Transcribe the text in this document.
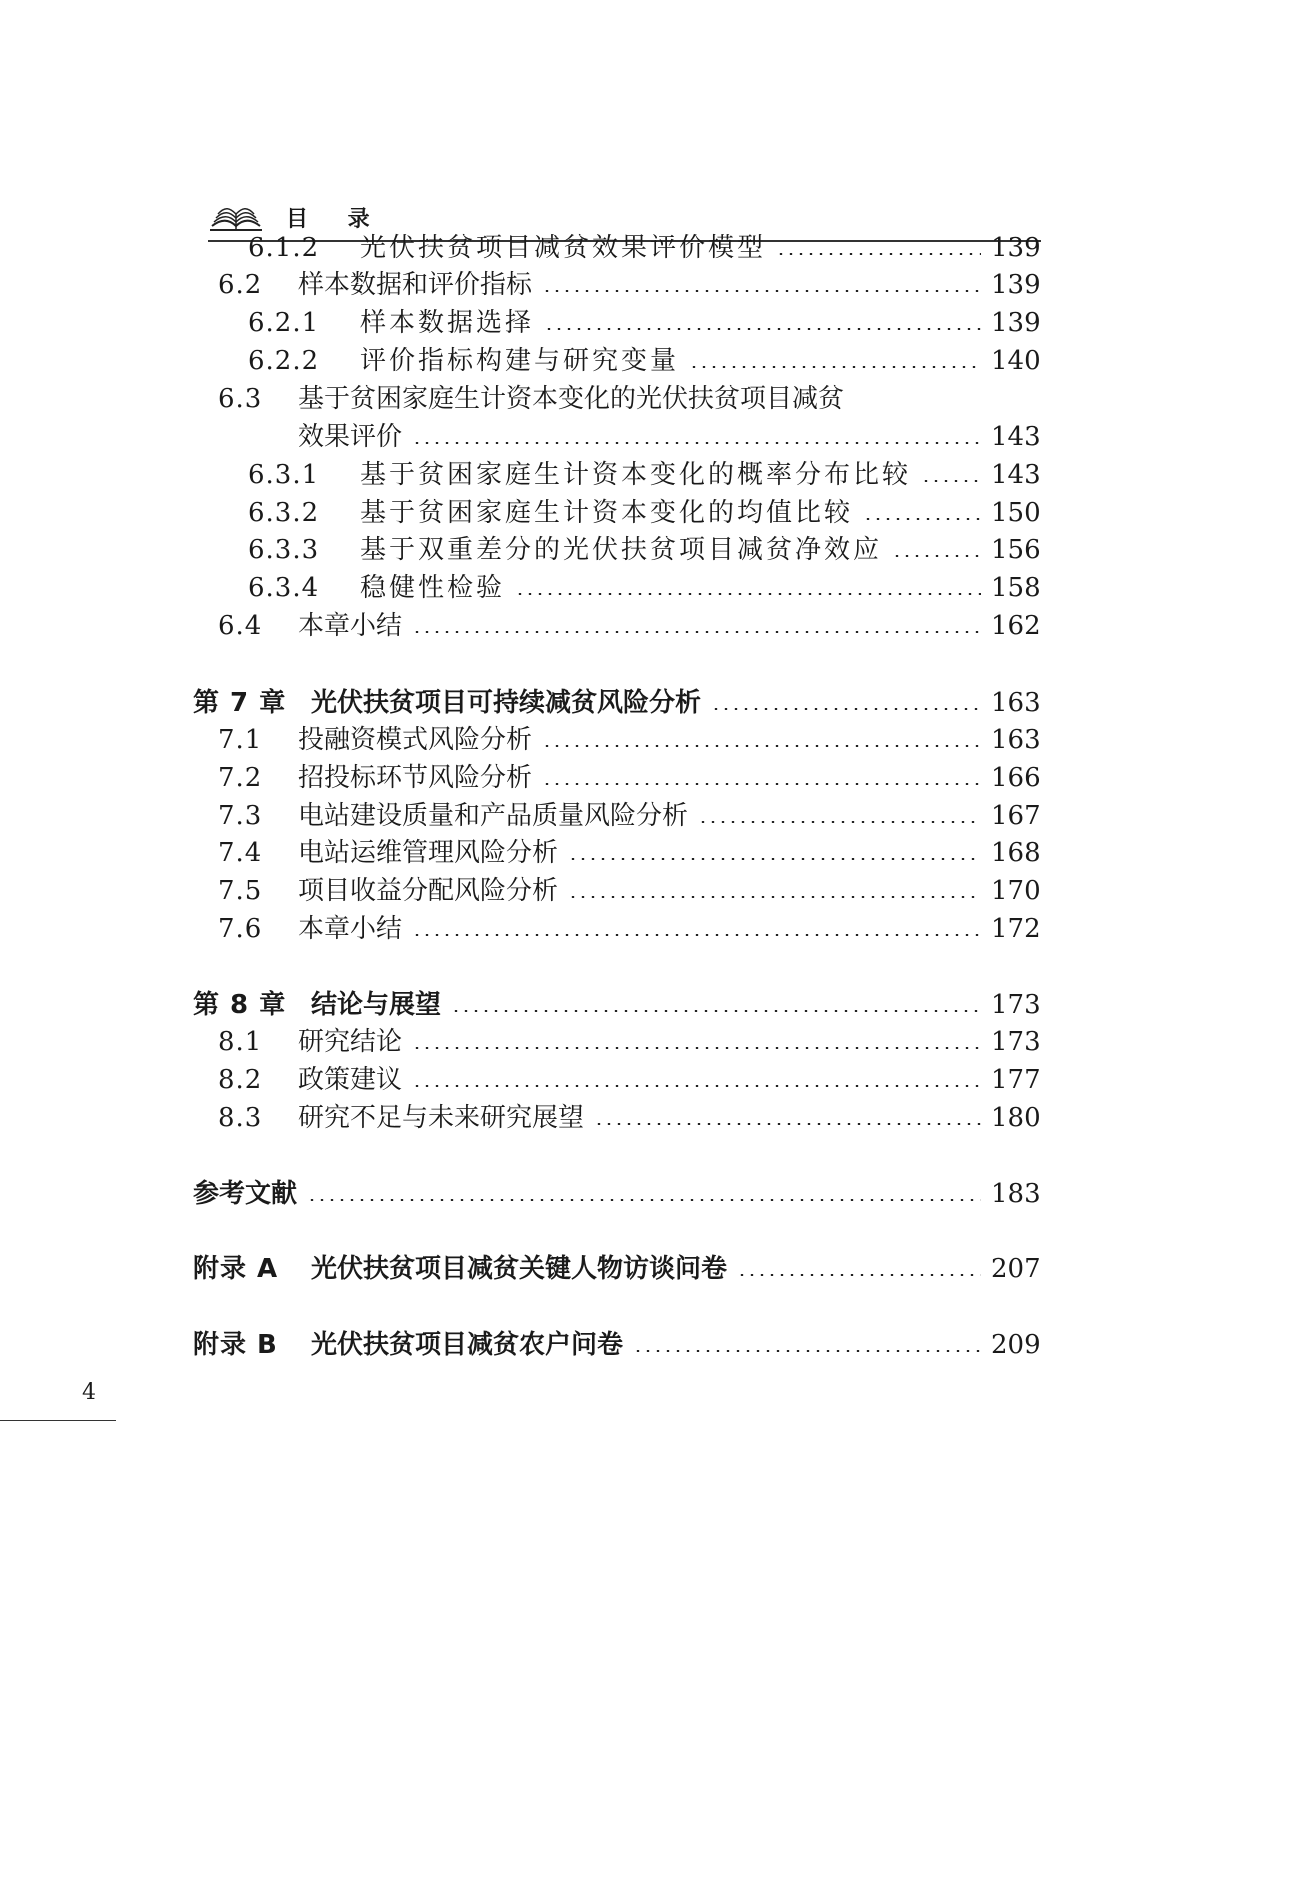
目 录
6.1.2	光伏扶贫项目减贫效果评价模型	139
6.2	样本数据和评价指标	139
6.2.1	样本数据选择	139
6.2.2	评价指标构建与研究变量	140
6.3	基于贫困家庭生计资本变化的光伏扶贫项目减贫
效果评价	143
6.3.1	基于贫困家庭生计资本变化的概率分布比较	143
6.3.2	基于贫困家庭生计资本变化的均值比较	150
6.3.3	基于双重差分的光伏扶贫项目减贫净效应	156
6.3.4	稳健性检验	158
6.4	本章小结	162
第 7 章 光伏扶贫项目可持续减贫风险分析	163
7.1	投融资模式风险分析	163
7.2	招投标环节风险分析	166
7.3	电站建设质量和产品质量风险分析	167
7.4	电站运维管理风险分析	168
7.5	项目收益分配风险分析	170
7.6	本章小结	172
第 8 章 结论与展望	173
8.1	研究结论	173
8.2	政策建议	177
8.3	研究不足与未来研究展望	180
参考文献	183
附录 A	光伏扶贫项目减贫关键人物访谈问卷	207
附录 B	光伏扶贫项目减贫农户问卷	209
4
